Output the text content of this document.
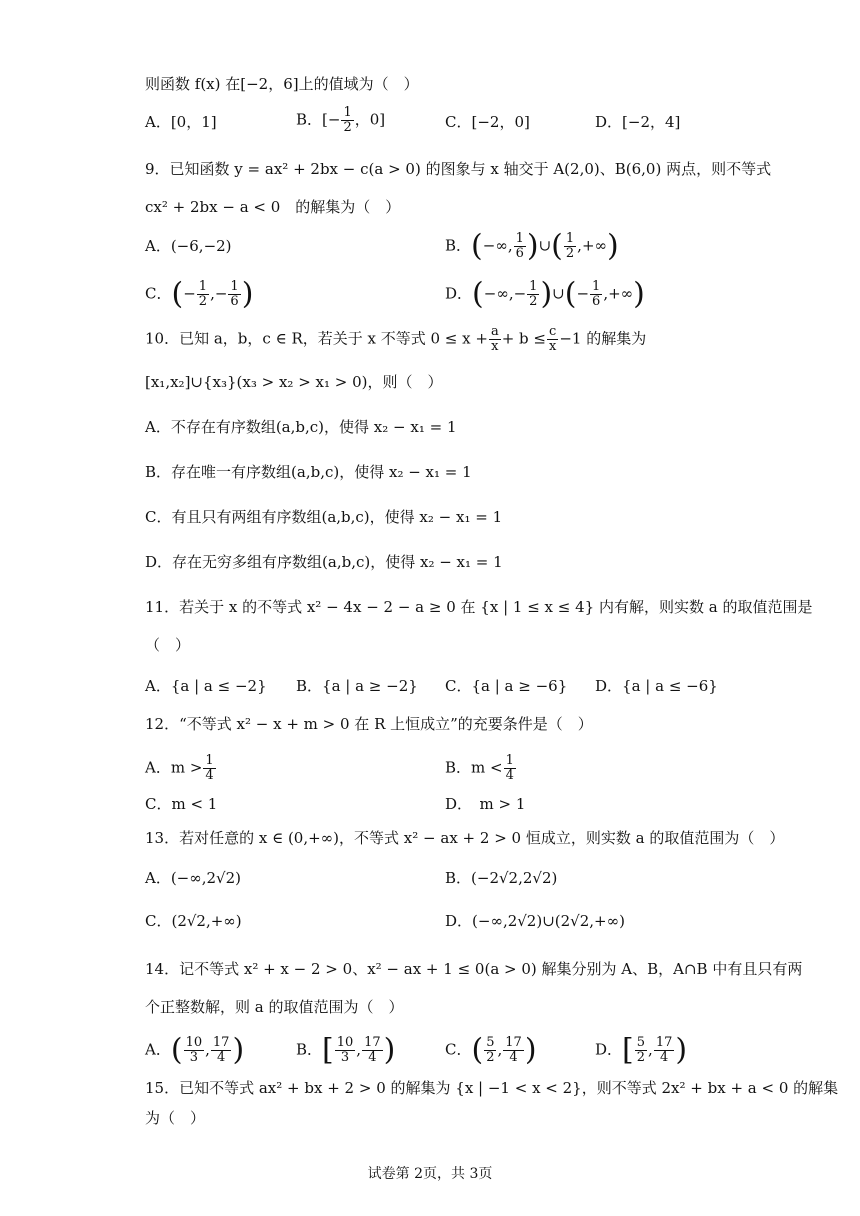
则函数 f(x) 在[−2，6]上的值域为（　）
A．[0，1]	B．[− $\frac{1}{2}$ ，0]	C．[−2，0]	D．[−2，4]
9．已知函数 y = ax² + 2bx − c(a > 0) 的图象与 x 轴交于 A(2,0)、B(6,0) 两点，则不等式
cx² + 2bx − a < 0　的解集为（　）
A．(−6,−2)	B．(−∞, $\frac{1}{6}$ )∪( $\frac{1}{2}$ ,+∞)
C．(− $\frac{1}{2}$ ,− $\frac{1}{6}$ )	D．(−∞,− $\frac{1}{2}$ )∪(− $\frac{1}{6}$ ,+∞)
10．已知 a，b，c ∈ R，若关于 x 不等式 $0 \le x + \frac{a}{x} + b \le \frac{c}{x} -1$ 的解集为
[x₁,x₂]∪{x₃}(x₃ > x₂ > x₁ > 0)，则（　）
A．不存在有序数组(a,b,c)，使得 x₂ − x₁ = 1
B．存在唯一有序数组(a,b,c)，使得 x₂ − x₁ = 1
C．有且只有两组有序数组(a,b,c)，使得 x₂ − x₁ = 1
D．存在无穷多组有序数组(a,b,c)，使得 x₂ − x₁ = 1
11．若关于 x 的不等式 x² − 4x − 2 − a ≥ 0 在 {x | 1 ≤ x ≤ 4} 内有解，则实数 a 的取值范围是
（　）
A．{a | a ≤ −2} B．{a | a ≥ −2} C．{a | a ≥ −6} D．{a | a ≤ −6}
12．“不等式 x² − x + m > 0 在 R 上恒成立”的充要条件是（　）
A．$m > \frac{1}{4}$	B．$m < \frac{1}{4}$
C．m < 1	D．　m > 1
13．若对任意的 x ∈ (0,+∞)，不等式 x² − ax + 2 > 0 恒成立，则实数 a 的取值范围为（　）
A．(−∞,2√2)	B．(−2√2,2√2)
C．(2√2,+∞)	D．(−∞,2√2)∪(2√2,+∞)
14．记不等式 x² + x − 2 > 0、x² − ax + 1 ≤ 0(a > 0) 解集分别为 A、B，A∩B 中有且只有两
个正整数解，则 a 的取值范围为（　）
A．( $\frac{10}{3}$ , $\frac{17}{4}$ )	B．[ $\frac{10}{3}$ , $\frac{17}{4}$ )	C．( $\frac{5}{2}$ , $\frac{17}{4}$ )	D．[ $\frac{5}{2}$ , $\frac{17}{4}$ )
15．已知不等式 ax² + bx + 2 > 0 的解集为 {x | −1 < x < 2}，则不等式 2x² + bx + a < 0 的解集
为（　）
试卷第 2页，共 3页
